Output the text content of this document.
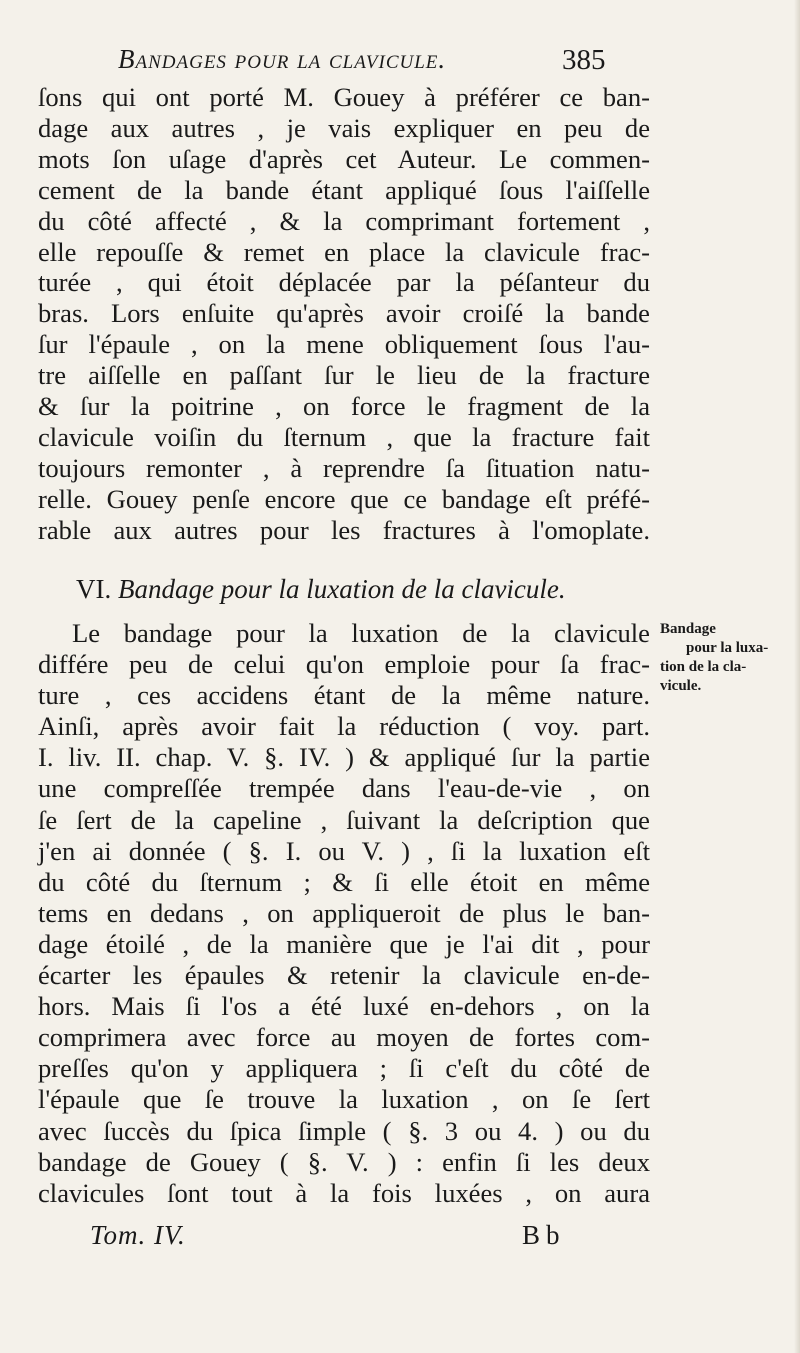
Bandages pour la clavicule.	385
ſons qui ont porté M. Gouey à préférer ce ban-
dage aux autres , je vais expliquer en peu de
mots ſon uſage d'après cet Auteur. Le commen-
cement de la bande étant appliqué ſous l'aiſſelle
du côté affecté , & la comprimant fortement ,
elle repouſſe & remet en place la clavicule frac-
turée , qui étoit déplacée par la péſanteur du
bras. Lors enſuite qu'après avoir croiſé la bande
ſur l'épaule , on la mene obliquement ſous l'au-
tre aiſſelle en paſſant ſur le lieu de la fracture
& ſur la poitrine , on force le fragment de la
clavicule voiſin du ſternum , que la fracture fait
toujours remonter , à reprendre ſa ſituation natu-
relle. Gouey penſe encore que ce bandage eſt préfé-
rable aux autres pour les fractures à l'omoplate.
VI. Bandage pour la luxation de la clavicule.
Bandage
pour la luxa-
tion de la cla-
vicule.
Le bandage pour la luxation de la clavicule
différe peu de celui qu'on emploie pour ſa frac-
ture , ces accidens étant de la même nature.
Ainſi, après avoir fait la réduction ( voy. part.
I. liv. II. chap. V. §. IV. ) & appliqué ſur la partie
une compreſſée trempée dans l'eau-de-vie , on
ſe ſert de la capeline , ſuivant la deſcription que
j'en ai donnée ( §. I. ou V. ) , ſi la luxation eſt
du côté du ſternum ; & ſi elle étoit en même
tems en dedans , on appliqueroit de plus le ban-
dage étoilé , de la manière que je l'ai dit , pour
écarter les épaules & retenir la clavicule en-de-
hors. Mais ſi l'os a été luxé en-dehors , on la
comprimera avec force au moyen de fortes com-
preſſes qu'on y appliquera ; ſi c'eſt du côté de
l'épaule que ſe trouve la luxation , on ſe ſert
avec ſuccès du ſpica ſimple ( §. 3 ou 4. ) ou du
bandage de Gouey ( §. V. ) : enfin ſi les deux
clavicules ſont tout à la fois luxées , on aura
Tom. IV.	Bb
